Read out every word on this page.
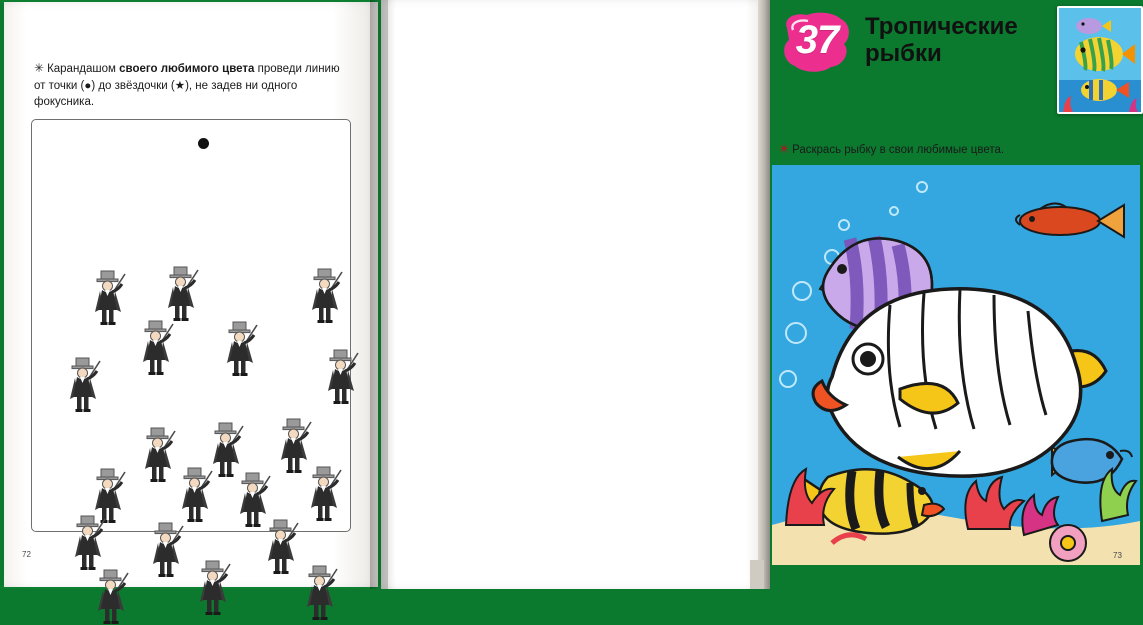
✳ Карандашом своего любимого цвета проведи линию от точки (●) до звёздочки (★), не задев ни одного фокусника.
72
37	Тропические
рыбки
✳ Раскрась рыбку в свои любимые цвета.
73
